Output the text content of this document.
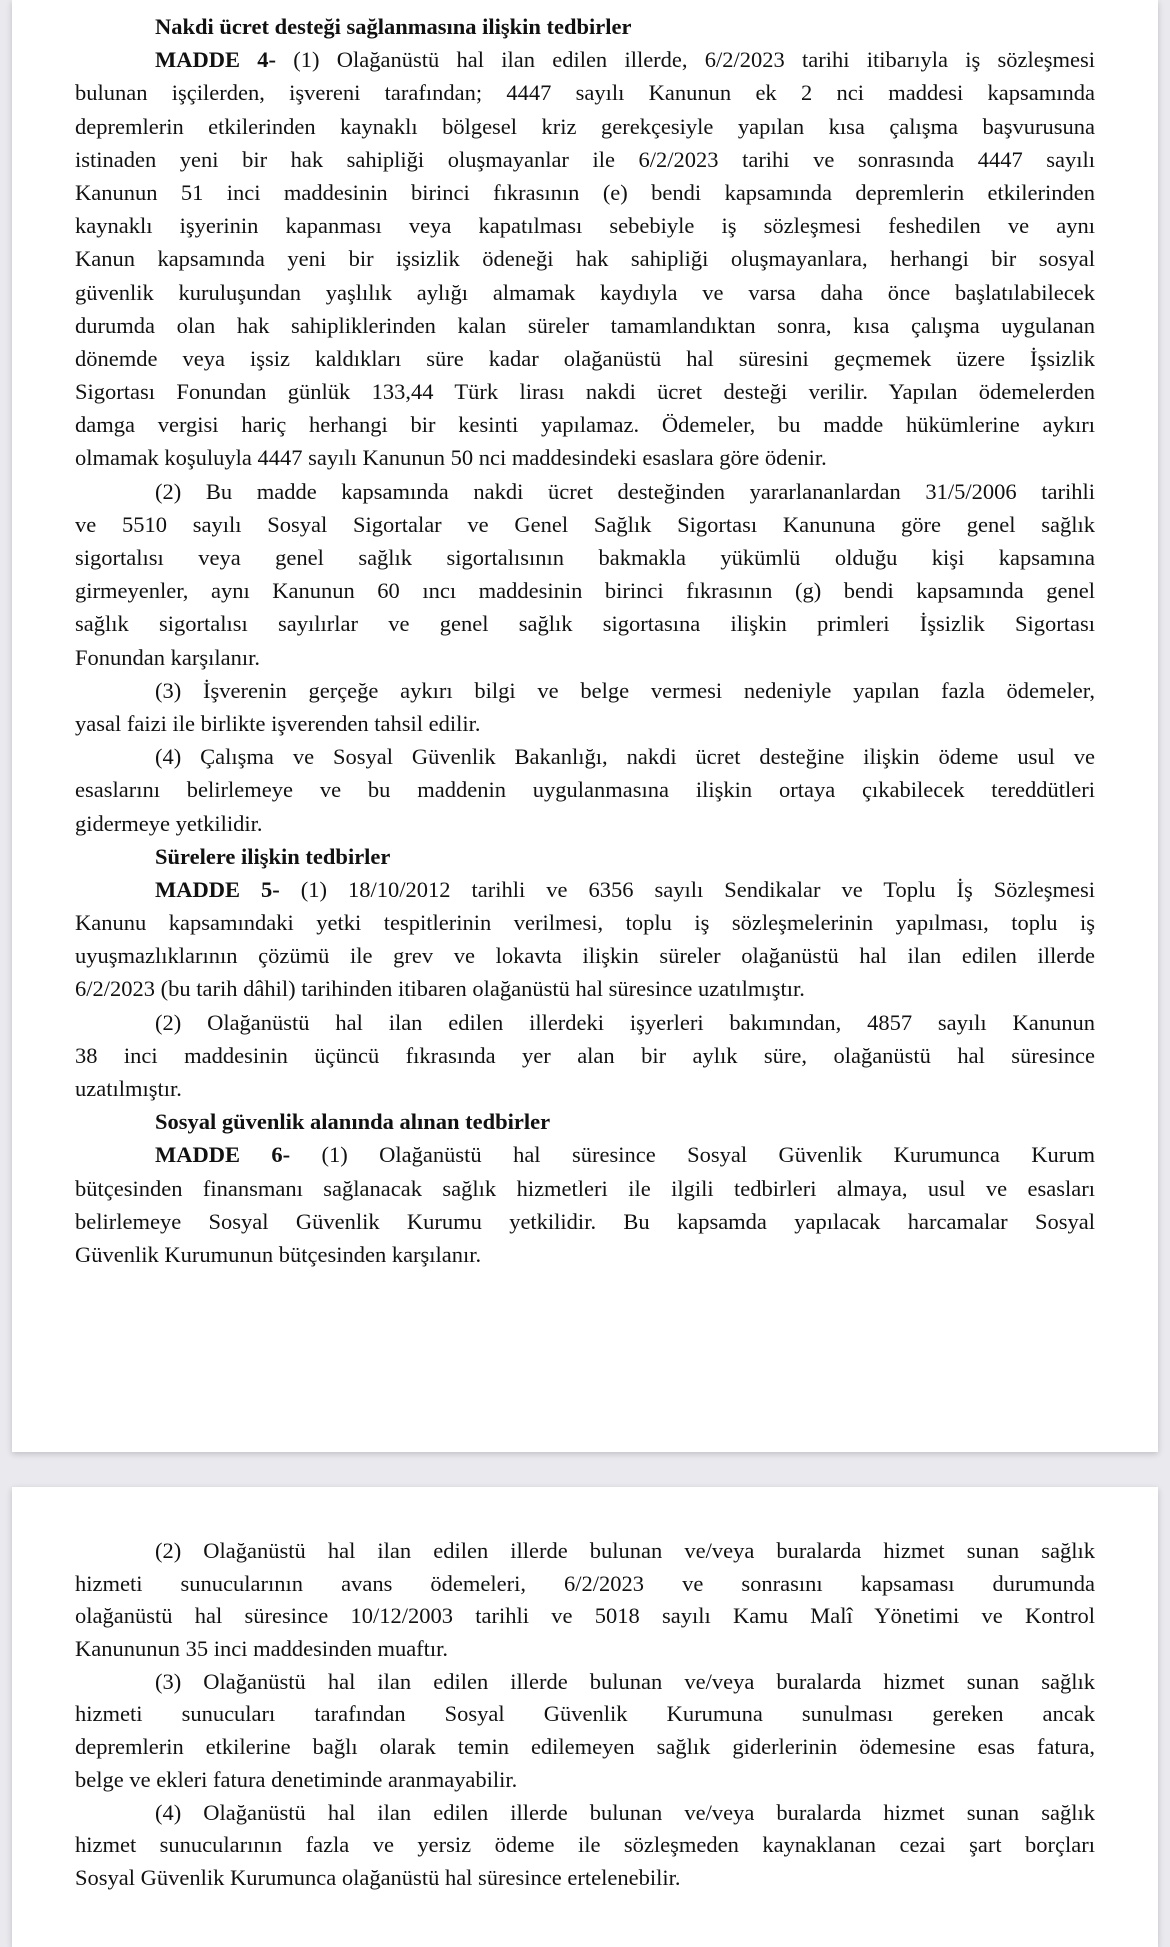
Nakdi ücret desteği sağlanmasına ilişkin tedbirler
MADDE 4- (1) Olağanüstü hal ilan edilen illerde, 6/2/2023 tarihi itibarıyla iş sözleşmesi
bulunan işçilerden, işvereni tarafından; 4447 sayılı Kanunun ek 2 nci maddesi kapsamında
depremlerin etkilerinden kaynaklı bölgesel kriz gerekçesiyle yapılan kısa çalışma başvurusuna
istinaden yeni bir hak sahipliği oluşmayanlar ile 6/2/2023 tarihi ve sonrasında 4447 sayılı
Kanunun 51 inci maddesinin birinci fıkrasının (e) bendi kapsamında depremlerin etkilerinden
kaynaklı işyerinin kapanması veya kapatılması sebebiyle iş sözleşmesi feshedilen ve aynı
Kanun kapsamında yeni bir işsizlik ödeneği hak sahipliği oluşmayanlara, herhangi bir sosyal
güvenlik kuruluşundan yaşlılık aylığı almamak kaydıyla ve varsa daha önce başlatılabilecek
durumda olan hak sahipliklerinden kalan süreler tamamlandıktan sonra, kısa çalışma uygulanan
dönemde veya işsiz kaldıkları süre kadar olağanüstü hal süresini geçmemek üzere İşsizlik
Sigortası Fonundan günlük 133,44 Türk lirası nakdi ücret desteği verilir. Yapılan ödemelerden
damga vergisi hariç herhangi bir kesinti yapılamaz. Ödemeler, bu madde hükümlerine aykırı
olmamak koşuluyla 4447 sayılı Kanunun 50 nci maddesindeki esaslara göre ödenir.
(2) Bu madde kapsamında nakdi ücret desteğinden yararlananlardan 31/5/2006 tarihli
ve 5510 sayılı Sosyal Sigortalar ve Genel Sağlık Sigortası Kanununa göre genel sağlık
sigortalısı veya genel sağlık sigortalısının bakmakla yükümlü olduğu kişi kapsamına
girmeyenler, aynı Kanunun 60 ıncı maddesinin birinci fıkrasının (g) bendi kapsamında genel
sağlık sigortalısı sayılırlar ve genel sağlık sigortasına ilişkin primleri İşsizlik Sigortası
Fonundan karşılanır.
(3) İşverenin gerçeğe aykırı bilgi ve belge vermesi nedeniyle yapılan fazla ödemeler,
yasal faizi ile birlikte işverenden tahsil edilir.
(4) Çalışma ve Sosyal Güvenlik Bakanlığı, nakdi ücret desteğine ilişkin ödeme usul ve
esaslarını belirlemeye ve bu maddenin uygulanmasına ilişkin ortaya çıkabilecek tereddütleri
gidermeye yetkilidir.
Sürelere ilişkin tedbirler
MADDE 5- (1) 18/10/2012 tarihli ve 6356 sayılı Sendikalar ve Toplu İş Sözleşmesi
Kanunu kapsamındaki yetki tespitlerinin verilmesi, toplu iş sözleşmelerinin yapılması, toplu iş
uyuşmazlıklarının çözümü ile grev ve lokavta ilişkin süreler olağanüstü hal ilan edilen illerde
6/2/2023 (bu tarih dâhil) tarihinden itibaren olağanüstü hal süresince uzatılmıştır.
(2) Olağanüstü hal ilan edilen illerdeki işyerleri bakımından, 4857 sayılı Kanunun
38 inci maddesinin üçüncü fıkrasında yer alan bir aylık süre, olağanüstü hal süresince
uzatılmıştır.
Sosyal güvenlik alanında alınan tedbirler
MADDE 6- (1) Olağanüstü hal süresince Sosyal Güvenlik Kurumunca Kurum
bütçesinden finansmanı sağlanacak sağlık hizmetleri ile ilgili tedbirleri almaya, usul ve esasları
belirlemeye Sosyal Güvenlik Kurumu yetkilidir. Bu kapsamda yapılacak harcamalar Sosyal
Güvenlik Kurumunun bütçesinden karşılanır.
(2) Olağanüstü hal ilan edilen illerde bulunan ve/veya buralarda hizmet sunan sağlık
hizmeti sunucularının avans ödemeleri, 6/2/2023 ve sonrasını kapsaması durumunda
olağanüstü hal süresince 10/12/2003 tarihli ve 5018 sayılı Kamu Malî Yönetimi ve Kontrol
Kanununun 35 inci maddesinden muaftır.
(3) Olağanüstü hal ilan edilen illerde bulunan ve/veya buralarda hizmet sunan sağlık
hizmeti sunucuları tarafından Sosyal Güvenlik Kurumuna sunulması gereken ancak
depremlerin etkilerine bağlı olarak temin edilemeyen sağlık giderlerinin ödemesine esas fatura,
belge ve ekleri fatura denetiminde aranmayabilir.
(4) Olağanüstü hal ilan edilen illerde bulunan ve/veya buralarda hizmet sunan sağlık
hizmet sunucularının fazla ve yersiz ödeme ile sözleşmeden kaynaklanan cezai şart borçları
Sosyal Güvenlik Kurumunca olağanüstü hal süresince ertelenebilir.
